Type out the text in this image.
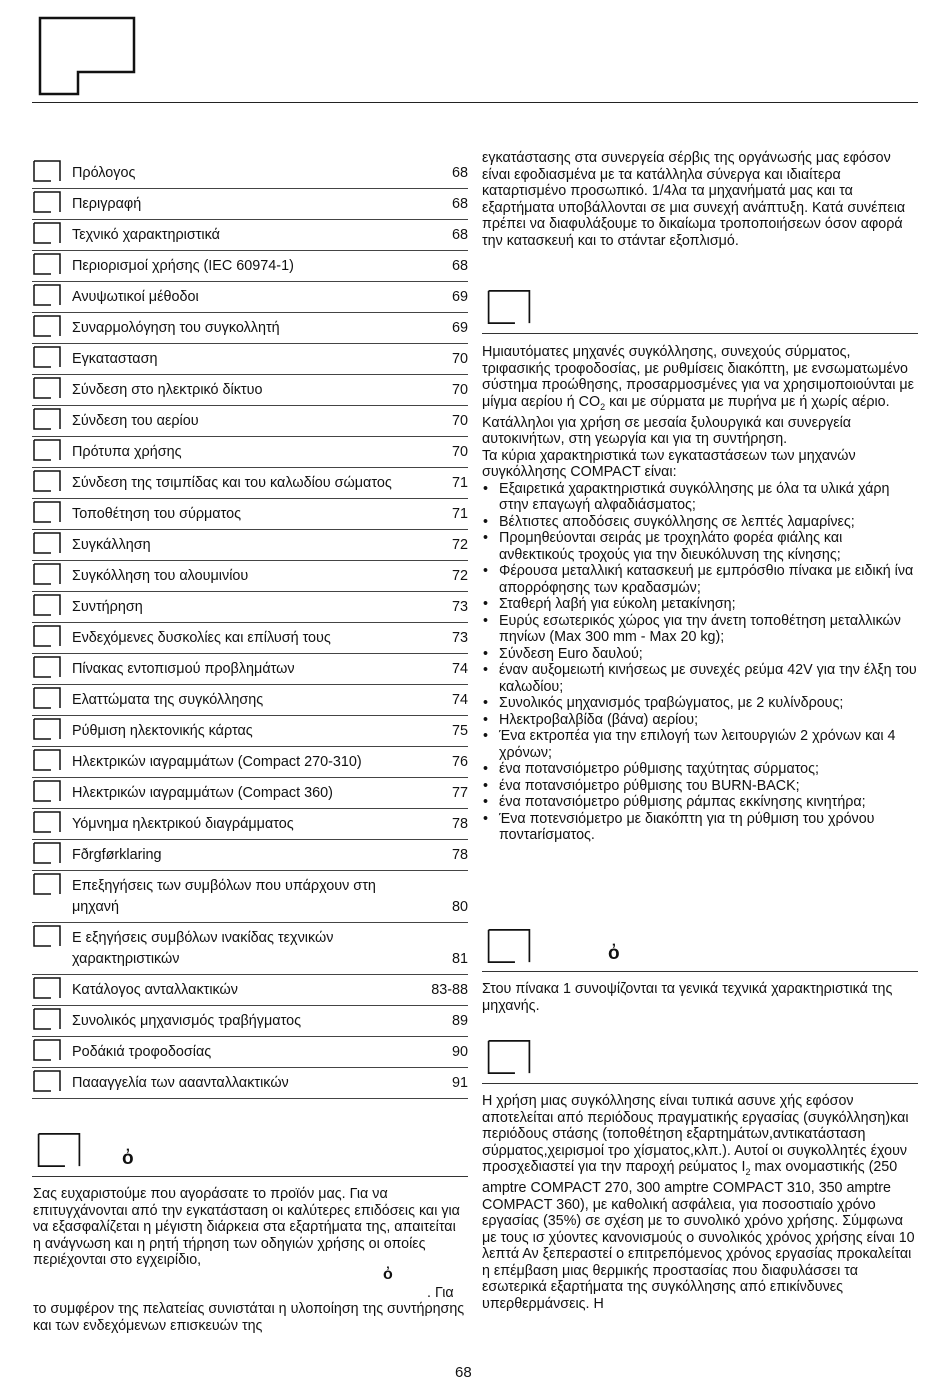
Πρόλογος	68
Περιγραφή	68
Τεχνικό χαρακτηριστικά	68
Περιορισμοί χρήσης (IEC 60974-1)	68
Ανυψωτικοί μέθοδοι	69
Συναρμολόγηση του συγκολλητή	69
Εγκατασταση	70
Σύνδεση στο ηλεκτρικό δίκτυο	70
Σύνδεση του αερίου	70
Πρότυπα χρήσης	70
Σύνδεση της τσιμπίδας και του καλωδίου σώματος	71
Τοποθέτηση του σύρματος	71
Συγκάλληση	72
Συγκόλληση του αλουμινίου	72
Συντήρηση	73
Ενδεχόμενες δυσκολίες και επίλυσή τους	73
Πίνακας εντοπισμού προβλημάτων	74
Ελαττώματα της συγκόλλησης	74
Ρύθμιση ηλεκτονικής κάρτας	75
Ηλεκτρικών ιαγραμμάτων (Compact 270-310)	76
Ηλεκτρικών ιαγραμμάτων (Compact 360)	77
Υόμνημα ηλεκτρικού διαγράμματος	78
Fðrgførklaring	78
Επεξηγήσεις των συμβόλων που υπάρχουν στη μηχανή	80
Ε εξηγήσεις συμβόλων ινακίδας τεχνικών χαρακτηριστικών	81
Κατάλογος ανταλλακτικών	83-88
Συνολικός μηχανισμός τραβήγματος	89
Ροδάκιά τροφοδοσίας	90
Παααγγελία των ααανταλλακτικών	91
ὀ

Σας ευχαριστούμε που αγοράσατε το προϊόν μας. Για να επιτυγχάνονται από την εγκατάσταση οι καλύτερες επιδόσεις και για να εξασφαλίζεται η μέγιστη διάρκεια στα εξαρτήματα της, απαιτείται η ανάγνωση και η ρητή τήρηση των οδηγιών χρήσης οι οποίες περιέχονται στο εγχειρίδιο,

ὀ
. Για
το συμφέρον της πελατείας συνιστάται η υλοποίηση της συντήρησης και των ενδεχόμενων επισκευών της
εγκατάστασης στα συνεργεία σέρβις της οργάνωσής μας εφόσον είναι εφοδιασμένα με τα κατάλληλα σύνεργα και ιδιαίτερα καταρτισμένο προσωπικό. 1/4λα τα μηχανήματά μας και τα εξαρτήματα υποβάλλονται σε μια συνεχή ανάπτυξη. Κατά συνέπεια πρέπει να διαφυλάξουμε το δικαίωμα τροποποιήσεων όσον αφορά την κατασκευή και το στάντar εξοπλισμό.

Ημιαυτόματες μηχανές συγκόλλησης, συνεχούς σύρματος, τριφασικής τροφοδοσίας, με ρυθμίσεις διακόπτη, με ενσωματωμένο σύστημα προώθησης, προσαρμοσμένες για να χρησιμοποιούνται με μίγμα αερίου ή $CO_2$ και με σύρματα με πυρήνα με ή χωρίς αέριο. Κατάλληλοι για χρήση σε μεσαία ξυλουργικά και συνεργεία αυτοκινήτων, στη γεωργία και για τη συντήρηση.

Τα κύρια χαρακτηριστικά των εγκαταστάσεων των μηχανών συγκόλλησης COMPACT είναι:

• Εξαιρετικά χαρακτηριστικά συγκόλλησης με όλα τα υλικά χάρη στην επαγωγή αλφαδιάσματος;
• Βέλτιστες αποδόσεις συγκόλλησης σε λεπτές λαμαρίνες;
• Προμηθεύονται σειράς με τροχηλάτο φορέα φιάλης και ανθεκτικούς τροχούς για την διευκόλυνση της κίνησης;
• Φέρουσα μεταλλική κατασκευή με εμπρόσθιο πίνακα με ειδική ίνα απορρόφησης των κραδασμών;
• Σταθερή λαβή για εύκολη μετακίνηση;
• Ευρύς εσωτερικός χώρος για την άνετη τοποθέτηση μεταλλικών πηνίων (Max 300 mm - Max 20 kg);
• Σύνδεση Euro δαυλού;
• έναν αυξομειωτή κινήσεως με συνεχές ρεύμα 42V για την έλξη του καλωδίου;
• Συνολικός μηχανισμός τραβώγματος, με 2 κυλίνδρους;
• Ηλεκτροβαλβίδα (βάνα) αερίου;
• Ένα εκτροπέα για την επιλογή των λειτουργιών 2 χρόνων και 4 χρόνων;
• ένα ποτανσιόμετρο ρύθμισης ταχύτητας σύρματος;
• ένα ποτανσιόμετρο ρύθμισης του BURN-BACK;
• ένα ποτανσιόμετρο ρύθμισης ράμπας εκκίνησης κινητήρα;
• Ένα ποτενσιόμετρο με διακόπτη για τη ρύθμιση του χρόνου ποντarίσματος.
ὀ
Στου πίνακα 1 συνοψίζονται τα γενικά τεχνικά χαρακτηριστικά της μηχανής.
Η χρήση μιας συγκόλλησης είναι τυπικά ασυνε χής εφόσον αποτελείται από περιόδους πραγματικής εργασίας (συγκόλληση)και περιόδους στάσης (τοποθέτηση εξαρτημάτων,αντικατάσταση σύρματος,χειρισμοί τρο χίσματος,κλπ.). Αυτοί οι συγκολλητές έχουν προσχεδιαστεί για την παροχή ρεύματος $I_2$ max ονομαστικής (250 amptre COMPACT 270, 300 amptre COMPACT 310, 350 amptre COMPACT 360), με καθολική ασφάλεια, για ποσοστιαίο χρόνο εργασίας (35%) σε σχέση με το συνολικό χρόνο χρήσης. Σύμφωνα με τους ισ χύοντες κανονισμούς ο συνολικός χρόνος χρήσης είναι 10 λεπτά Αν ξεπεραστεί ο επιτρεπόμενος χρόνος εργασίας προκαλείται η επέμβαση μιας θερμικής προστασίας που διαφυλάσσει τα εσωτερικά εξαρτήματα της συγκόλλησης από επικίνδυνες υπερθερμάνσεις. Η
68
